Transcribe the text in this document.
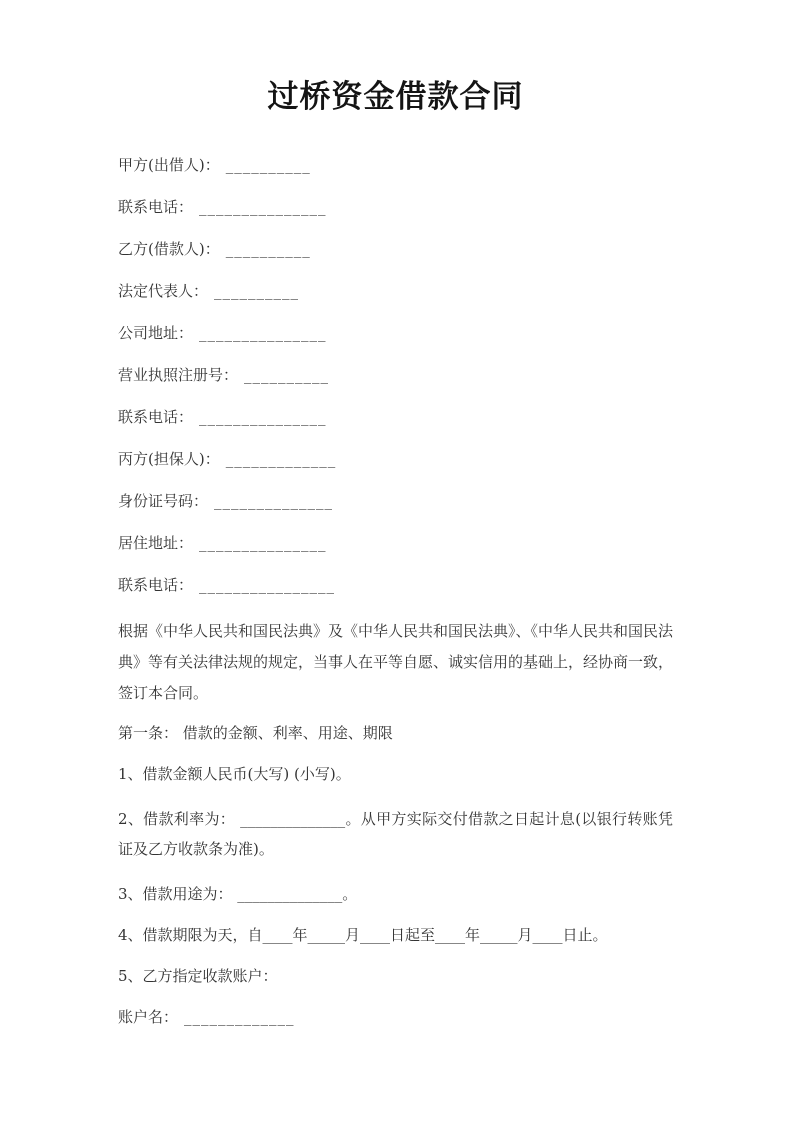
过桥资金借款合同

甲方(出借人)： __________

联系电话： _______________

乙方(借款人)： __________

法定代表人： __________

公司地址： _______________

营业执照注册号： __________

联系电话： _______________

丙方(担保人)： _____________

身份证号码： ______________

居住地址： _______________

联系电话： ________________

根据《中华人民共和国民法典》及《中华人民共和国民法典》、《中华人民共和国民法典》等有关法律法规的规定，当事人在平等自愿、诚实信用的基础上，经协商一致，签订本合同。

第一条： 借款的金额、利率、用途、期限

1、借款金额人民币(大写) (小写)。

2、借款利率为： ______________。从甲方实际交付借款之日起计息(以银行转账凭证及乙方收款条为准)。

3、借款用途为： ______________。

4、借款期限为天，自____年_____月____日起至____年_____月____日止。

5、乙方指定收款账户：

账户名： _____________
